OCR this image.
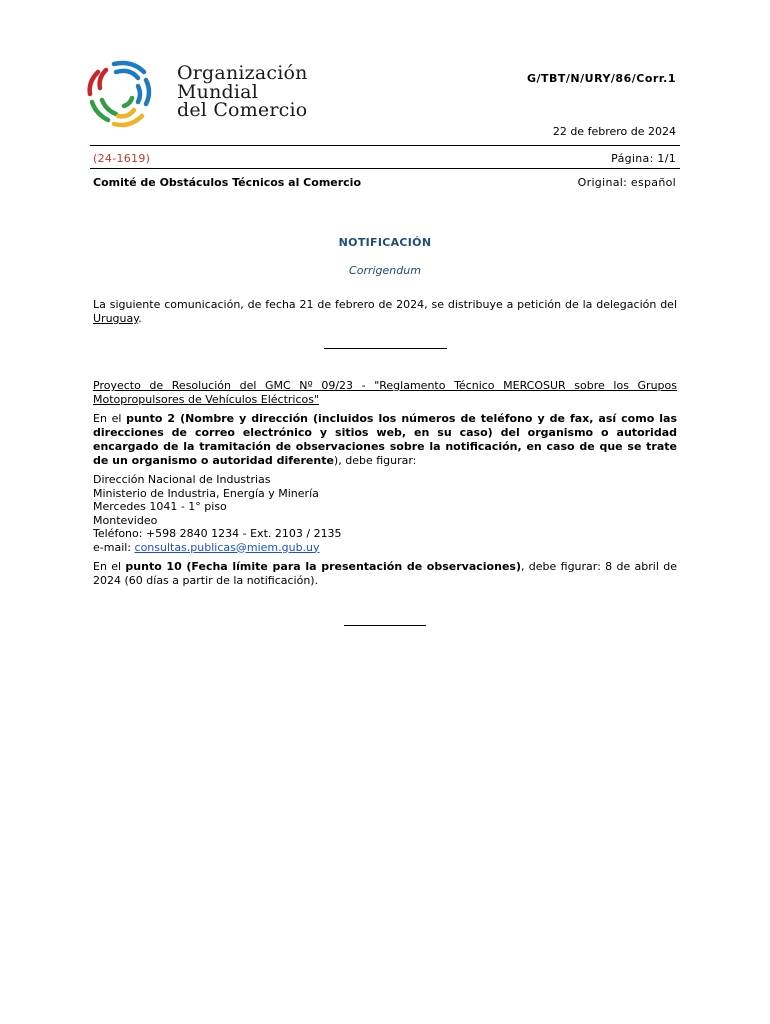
Organización
Mundial
del Comercio
G/TBT/N/URY/86/Corr.1
22 de febrero de 2024
(24-1619)	Página: 1/1
Comité de Obstáculos Técnicos al Comercio	Original: español
NOTIFICACIÓN
Corrigendum
La siguiente comunicación, de fecha 21 de febrero de 2024, se distribuye a petición de la delegación del Uruguay.
Proyecto de Resolución del GMC Nº 09/23 - "Reglamento Técnico MERCOSUR sobre los Grupos Motopropulsores de Vehículos Eléctricos"
En el punto 2 (Nombre y dirección (incluidos los números de teléfono y de fax, así como las direcciones de correo electrónico y sitios web, en su caso) del organismo o autoridad encargado de la tramitación de observaciones sobre la notificación, en caso de que se trate de un organismo o autoridad diferente), debe figurar:
Dirección Nacional de Industrias
Ministerio de Industria, Energía y Minería
Mercedes 1041 - 1° piso
Montevideo
Teléfono: +598 2840 1234 - Ext. 2103 / 2135
e-mail: consultas.publicas@miem.gub.uy
En el punto 10 (Fecha límite para la presentación de observaciones), debe figurar: 8 de abril de 2024 (60 días a partir de la notificación).
